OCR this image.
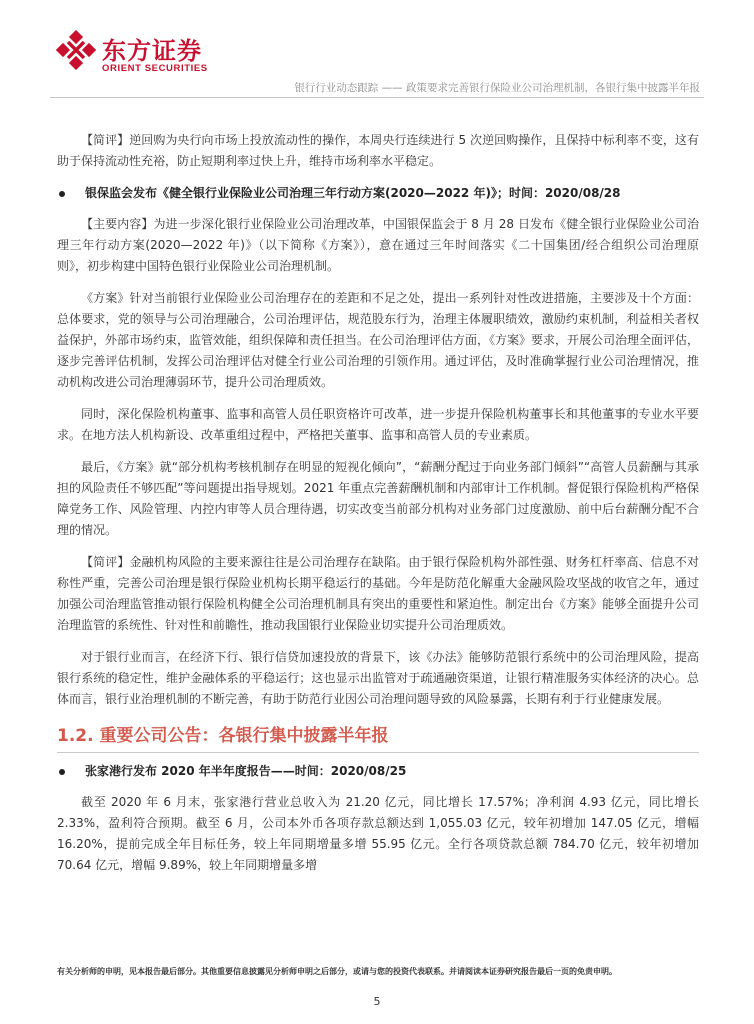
东方证券
ORIENT SECURITIES
银行行业动态跟踪 —— 政策要求完善银行保险业公司治理机制，各银行集中披露半年报

【简评】逆回购为央行向市场上投放流动性的操作，本周央行连续进行 5 次逆回购操作，且保持中标利率不变，这有助于保持流动性充裕，防止短期利率过快上升，维持市场利率水平稳定。

银保监会发布《健全银行业保险业公司治理三年行动方案(2020—2022 年)》；时间：2020/08/28

【主要内容】为进一步深化银行业保险业公司治理改革，中国银保监会于 8 月 28 日发布《健全银行业保险业公司治理三年行动方案(2020—2022 年)》（以下简称《方案》），意在通过三年时间落实《二十国集团/经合组织公司治理原则》，初步构建中国特色银行业保险业公司治理机制。

《方案》针对当前银行业保险业公司治理存在的差距和不足之处，提出一系列针对性改进措施，主要涉及十个方面：总体要求，党的领导与公司治理融合，公司治理评估，规范股东行为，治理主体履职绩效，激励约束机制，利益相关者权益保护，外部市场约束，监管效能，组织保障和责任担当。在公司治理评估方面，《方案》要求，开展公司治理全面评估，逐步完善评估机制，发挥公司治理评估对健全行业公司治理的引领作用。通过评估，及时准确掌握行业公司治理情况，推动机构改进公司治理薄弱环节，提升公司治理质效。

同时，深化保险机构董事、监事和高管人员任职资格许可改革，进一步提升保险机构董事长和其他董事的专业水平要求。在地方法人机构新设、改革重组过程中，严格把关董事、监事和高管人员的专业素质。

最后，《方案》就“部分机构考核机制存在明显的短视化倾向”，“薪酬分配过于向业务部门倾斜”“高管人员薪酬与其承担的风险责任不够匹配”等问题提出指导规划。2021 年重点完善薪酬机制和内部审计工作机制。督促银行保险机构严格保障党务工作、风险管理、内控内审等人员合理待遇，切实改变当前部分机构对业务部门过度激励、前中后台薪酬分配不合理的情况。

【简评】金融机构风险的主要来源往往是公司治理存在缺陷。由于银行保险机构外部性强、财务杠杆率高、信息不对称性严重，完善公司治理是银行保险业机构长期平稳运行的基础。今年是防范化解重大金融风险攻坚战的收官之年，通过加强公司治理监管推动银行保险机构健全公司治理机制具有突出的重要性和紧迫性。制定出台《方案》能够全面提升公司治理监管的系统性、针对性和前瞻性，推动我国银行业保险业切实提升公司治理质效。

对于银行业而言，在经济下行、银行信贷加速投放的背景下，该《办法》能够防范银行系统中的公司治理风险，提高银行系统的稳定性，维护金融体系的平稳运行；这也显示出监管对于疏通融资渠道，让银行精准服务实体经济的决心。总体而言，银行业治理机制的不断完善，有助于防范行业因公司治理问题导致的风险暴露，长期有利于行业健康发展。

1.2. 重要公司公告：各银行集中披露半年报
张家港行发布 2020 年半年度报告——时间：2020/08/25

截至 2020 年 6 月末，张家港行营业总收入为 21.20 亿元，同比增长 17.57%；净利润 4.93 亿元，同比增长 2.33%，盈利符合预期。截至 6 月，公司本外币各项存款总额达到 1,055.03 亿元，较年初增加 147.05 亿元，增幅 16.20%，提前完成全年目标任务，较上年同期增量多增 55.95 亿元。全行各项贷款总额 784.70 亿元，较年初增加 70.64 亿元，增幅 9.89%，较上年同期增量多增

有关分析师的申明，见本报告最后部分。其他重要信息披露见分析师申明之后部分，或请与您的投资代表联系。并请阅读本证券研究报告最后一页的免责申明。
5
